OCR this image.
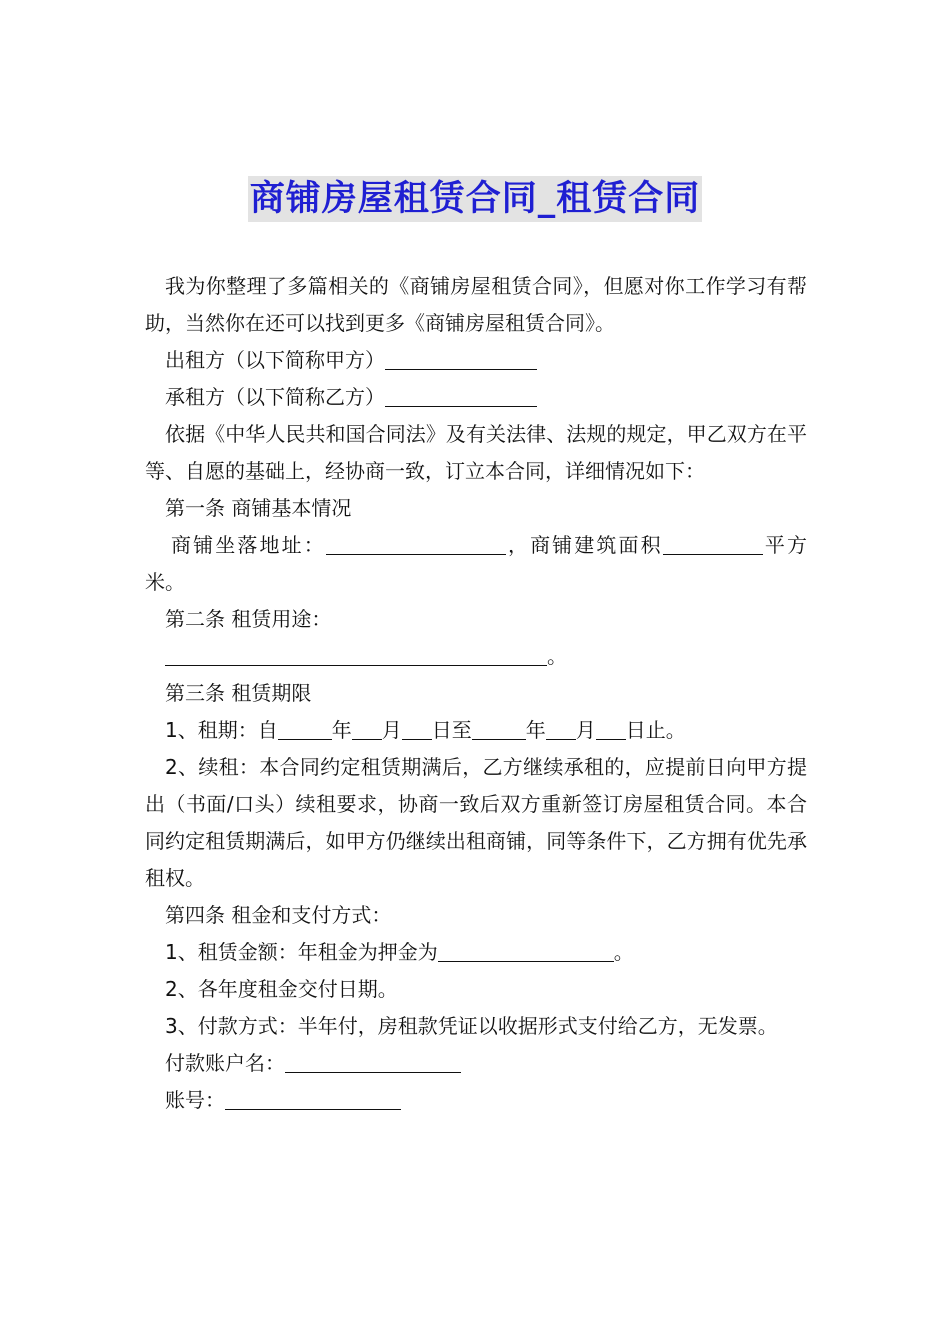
商铺房屋租赁合同_租赁合同

我为你整理了多篇相关的《商铺房屋租赁合同》，但愿对你工作学习有帮助，当然你在还可以找到更多《商铺房屋租赁合同》。

出租方（以下简称甲方）

承租方（以下简称乙方）

依据《中华人民共和国合同法》及有关法律、法规的规定，甲乙双方在平等、自愿的基础上，经协商一致，订立本合同，详细情况如下：

第一条 商铺基本情况

商铺坐落地址：	，商铺建筑面积	平方米。

第二条 租赁用途：

。

第三条 租赁期限

1、租期：自	年 月 日至	年 月 日止。

2、续租：本合同约定租赁期满后，乙方继续承租的，应提前日向甲方提出（书面/口头）续租要求，协商一致后双方重新签订房屋租赁合同。本合同约定租赁期满后，如甲方仍继续出租商铺，同等条件下，乙方拥有优先承租权。

第四条 租金和支付方式：

1、租赁金额：年租金为押金为	。

2、各年度租金交付日期。

3、付款方式：半年付，房租款凭证以收据形式支付给乙方，无发票。

付款账户名：

账号：
